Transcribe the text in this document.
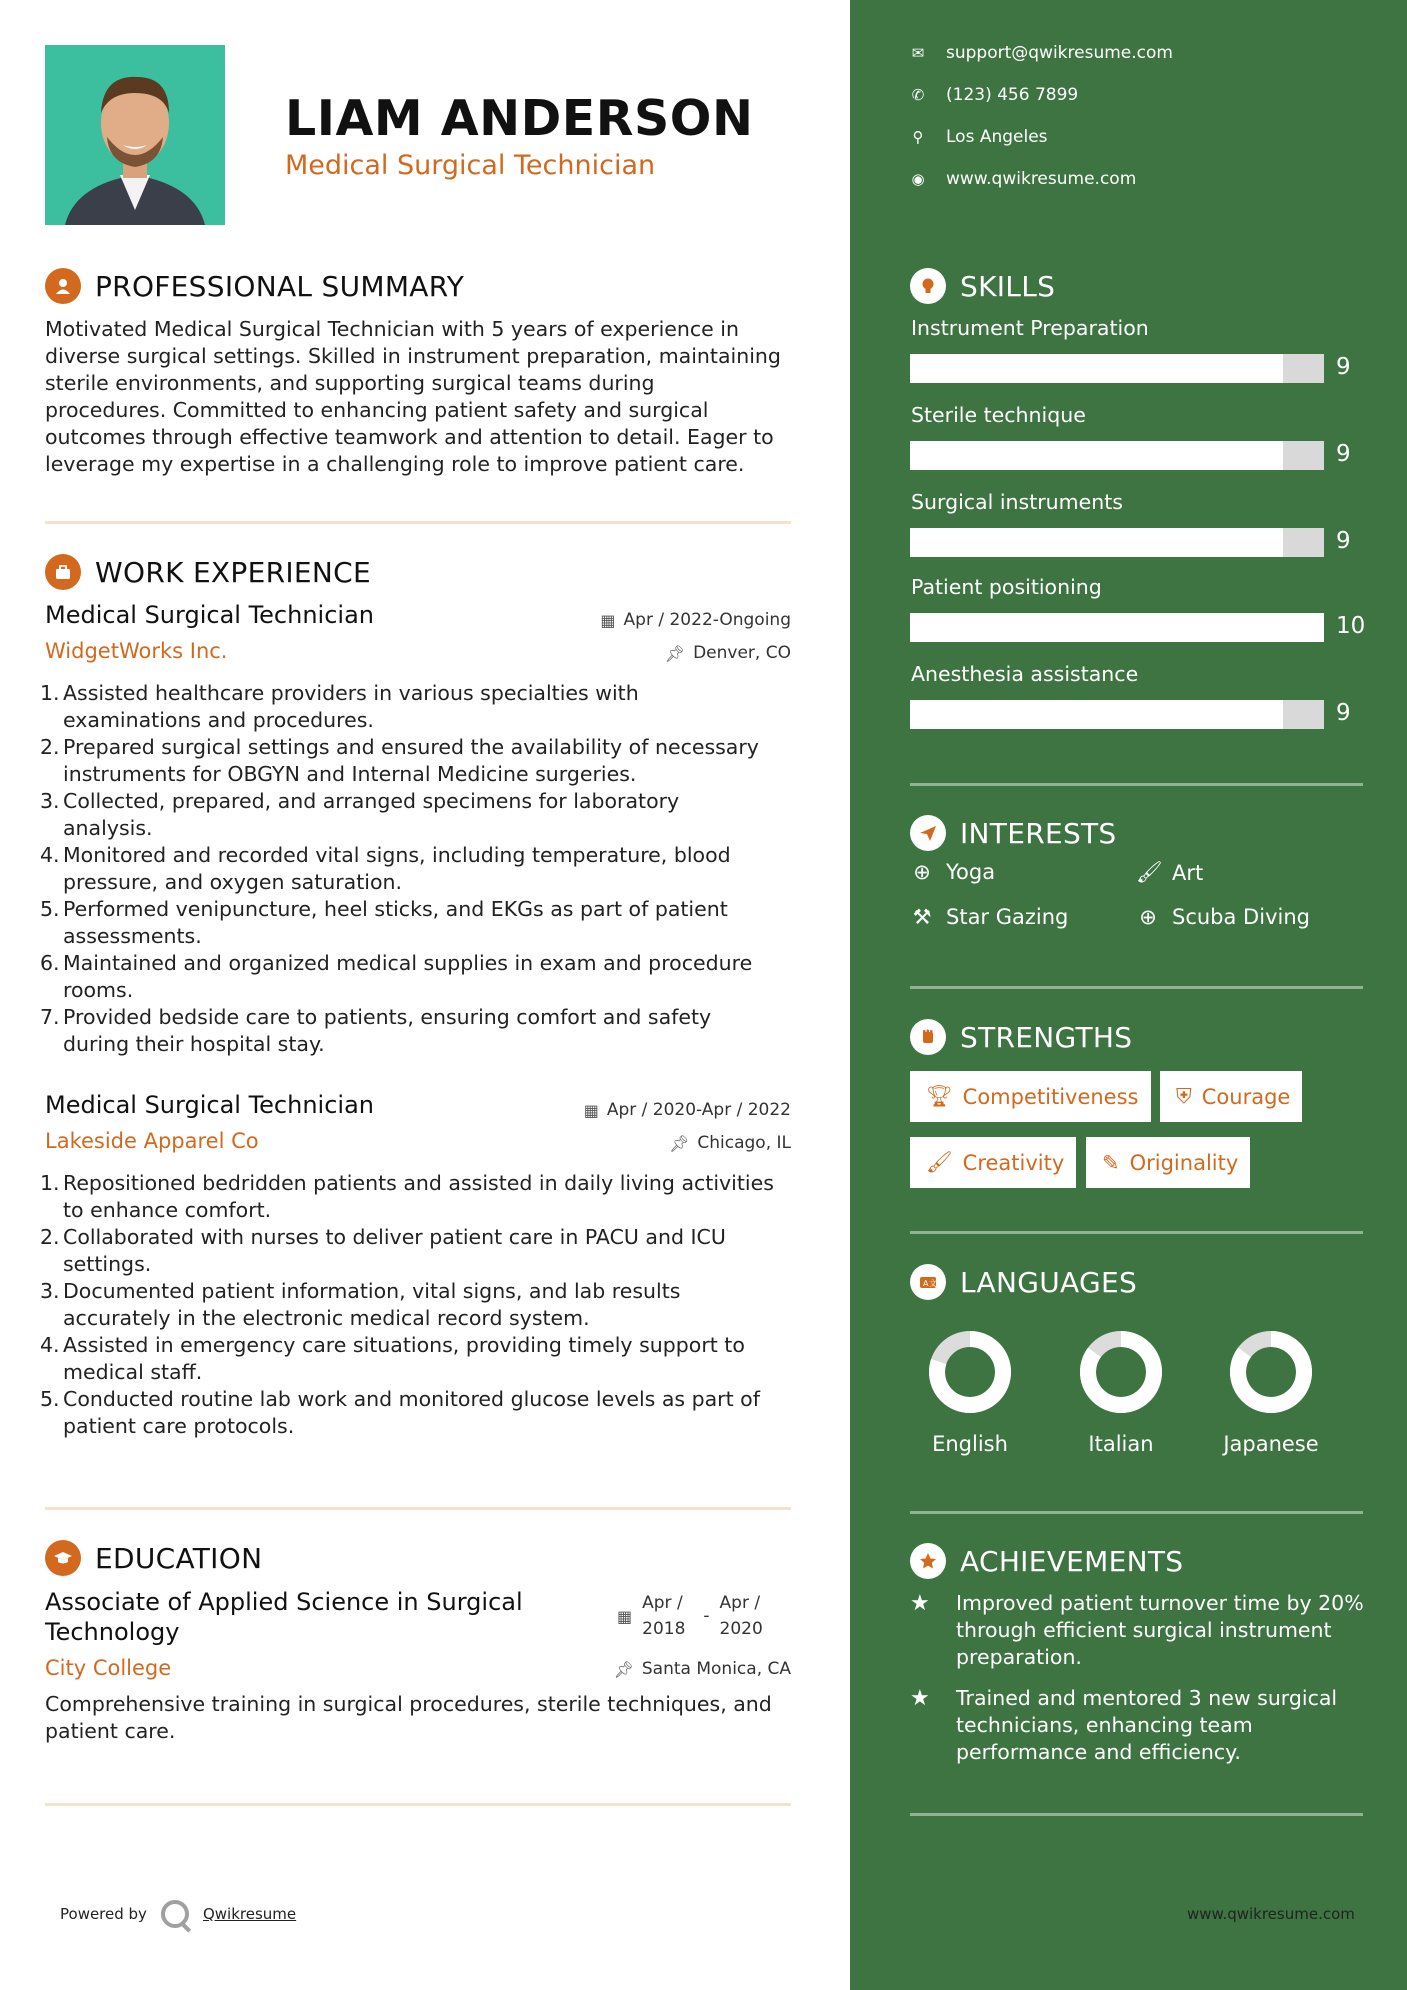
LIAM ANDERSON
Medical Surgical Technician
PROFESSIONAL SUMMARY
Motivated Medical Surgical Technician with 5 years of experience in
diverse surgical settings. Skilled in instrument preparation, maintaining
sterile environments, and supporting surgical teams during
procedures. Committed to enhancing patient safety and surgical
outcomes through effective teamwork and attention to detail. Eager to
leverage my expertise in a challenging role to improve patient care.
WORK EXPERIENCE
Medical Surgical Technician	▦ Apr / 2022-Ongoing
WidgetWorks Inc.	📌︎ Denver, CO
1. Assisted healthcare providers in various specialties with
examinations and procedures.
2. Prepared surgical settings and ensured the availability of necessary
instruments for OBGYN and Internal Medicine surgeries.
3. Collected, prepared, and arranged specimens for laboratory
analysis.
4. Monitored and recorded vital signs, including temperature, blood
pressure, and oxygen saturation.
5. Performed venipuncture, heel sticks, and EKGs as part of patient
assessments.
6. Maintained and organized medical supplies in exam and procedure
rooms.
7. Provided bedside care to patients, ensuring comfort and safety
during their hospital stay.
Medical Surgical Technician	▦ Apr / 2020-Apr / 2022
Lakeside Apparel Co	📌︎ Chicago, IL
1. Repositioned bedridden patients and assisted in daily living activities
to enhance comfort.
2. Collaborated with nurses to deliver patient care in PACU and ICU
settings.
3. Documented patient information, vital signs, and lab results
accurately in the electronic medical record system.
4. Assisted in emergency care situations, providing timely support to
medical staff.
5. Conducted routine lab work and monitored glucose levels as part of
patient care protocols.
EDUCATION
Associate of Applied Science in Surgical
Technology
▦
Apr /
2018
-
Apr /
2020
City College	📌︎ Santa Monica, CA
Comprehensive training in surgical procedures, sterile techniques, and
patient care.
Powered by	Qwikresume
✉ support@qwikresume.com
✆ (123) 456 7899
⚲ Los Angeles
◉ www.qwikresume.com
SKILLS
Instrument Preparation
9
Sterile technique
9
Surgical instruments
9
Patient positioning
10
Anesthesia assistance
9
INTERESTS
⊕ Yoga	🖌︎ Art
⚒ Star Gazing	⊕ Scuba Diving
STRENGTHS
🏆︎ Competitiveness ⛨ Courage
🖌︎ Creativity ✎ Originality
A 文 LANGUAGES
English	Italian	Japanese
ACHIEVEMENTS
★	Improved patient turnover time by 20%
through efficient surgical instrument
preparation.
★	Trained and mentored 3 new surgical
technicians, enhancing team
performance and efficiency.
www.qwikresume.com
